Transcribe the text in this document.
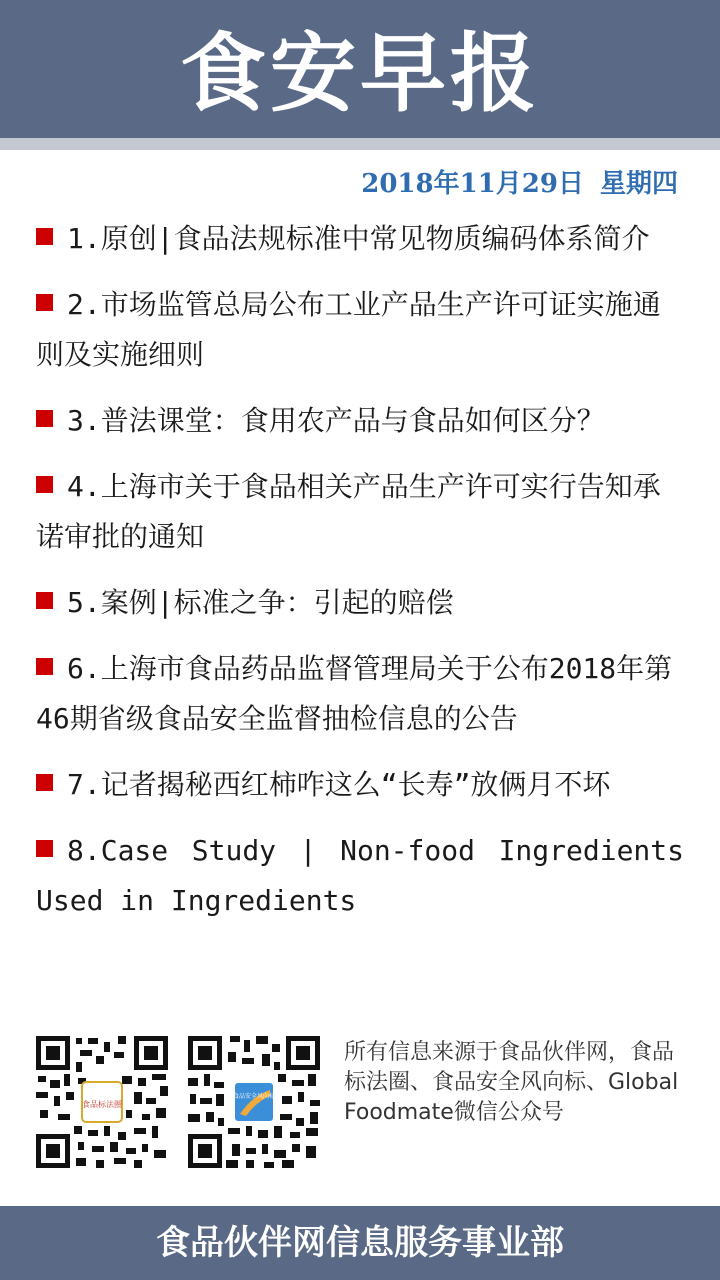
食安早报
2018年11月29日 星期四
1.原创|食品法规标准中常见物质编码体系简介
2.市场监管总局公布工业产品生产许可证实施通则及实施细则
3.普法课堂：食用农产品与食品如何区分？
4.上海市关于食品相关产品生产许可实行告知承诺审批的通知
5.案例|标准之争：引起的赔偿
6.上海市食品药品监督管理局关于公布2018年第46期省级食品安全监督抽检信息的公告
7.记者揭秘西红柿咋这么“长寿”放俩月不坏
8.Case Study | Non-food Ingredients Used in Ingredients
食品标法圈
食品安全风向标
所有信息来源于食品伙伴网，食品标法圈、食品安全风向标、Global Foodmate微信公众号
食品伙伴网信息服务事业部
